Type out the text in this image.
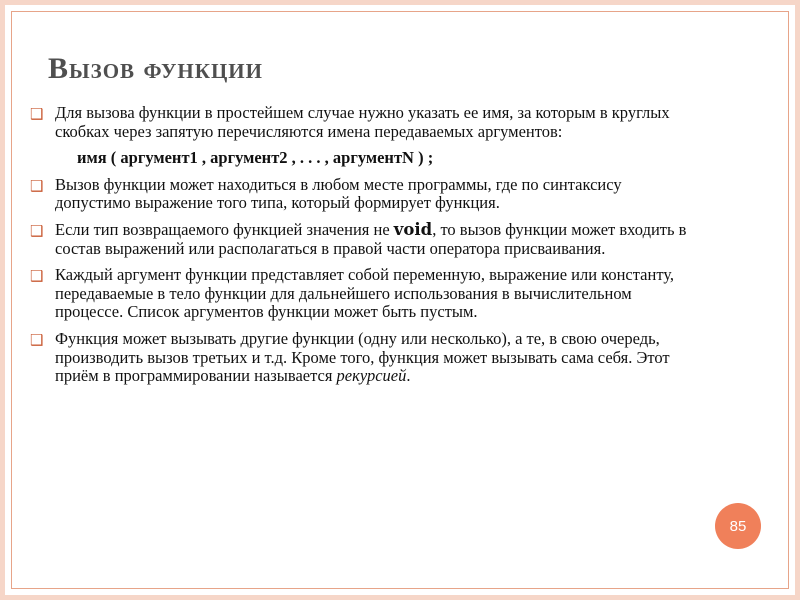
Вызов функции
❑ Для вызова функции в простейшем случае нужно указать ее имя, за которым в круглых скобках через запятую перечисляются имена передаваемых аргументов:
имя ( аргумент1 , аргумент2 , . . . , аргументN ) ;
❑ Вызов функции может находиться в любом месте программы, где по синтаксису допустимо выражение того типа, который формирует функция.
❑ Если тип возвращаемого функцией значения не void, то вызов функции может входить в состав выражений или располагаться в правой части оператора присваивания.
❑ Каждый аргумент функции представляет собой переменную, выражение или константу, передаваемые в тело функции для дальнейшего использования в вычислительном процессе. Список аргументов функции может быть пустым.
❑ Функция может вызывать другие функции (одну или несколько), а те, в свою очередь, производить вызов третьих и т.д. Кроме того, функция может вызывать сама себя. Этот приём в программировании называется рекурсией.
85
